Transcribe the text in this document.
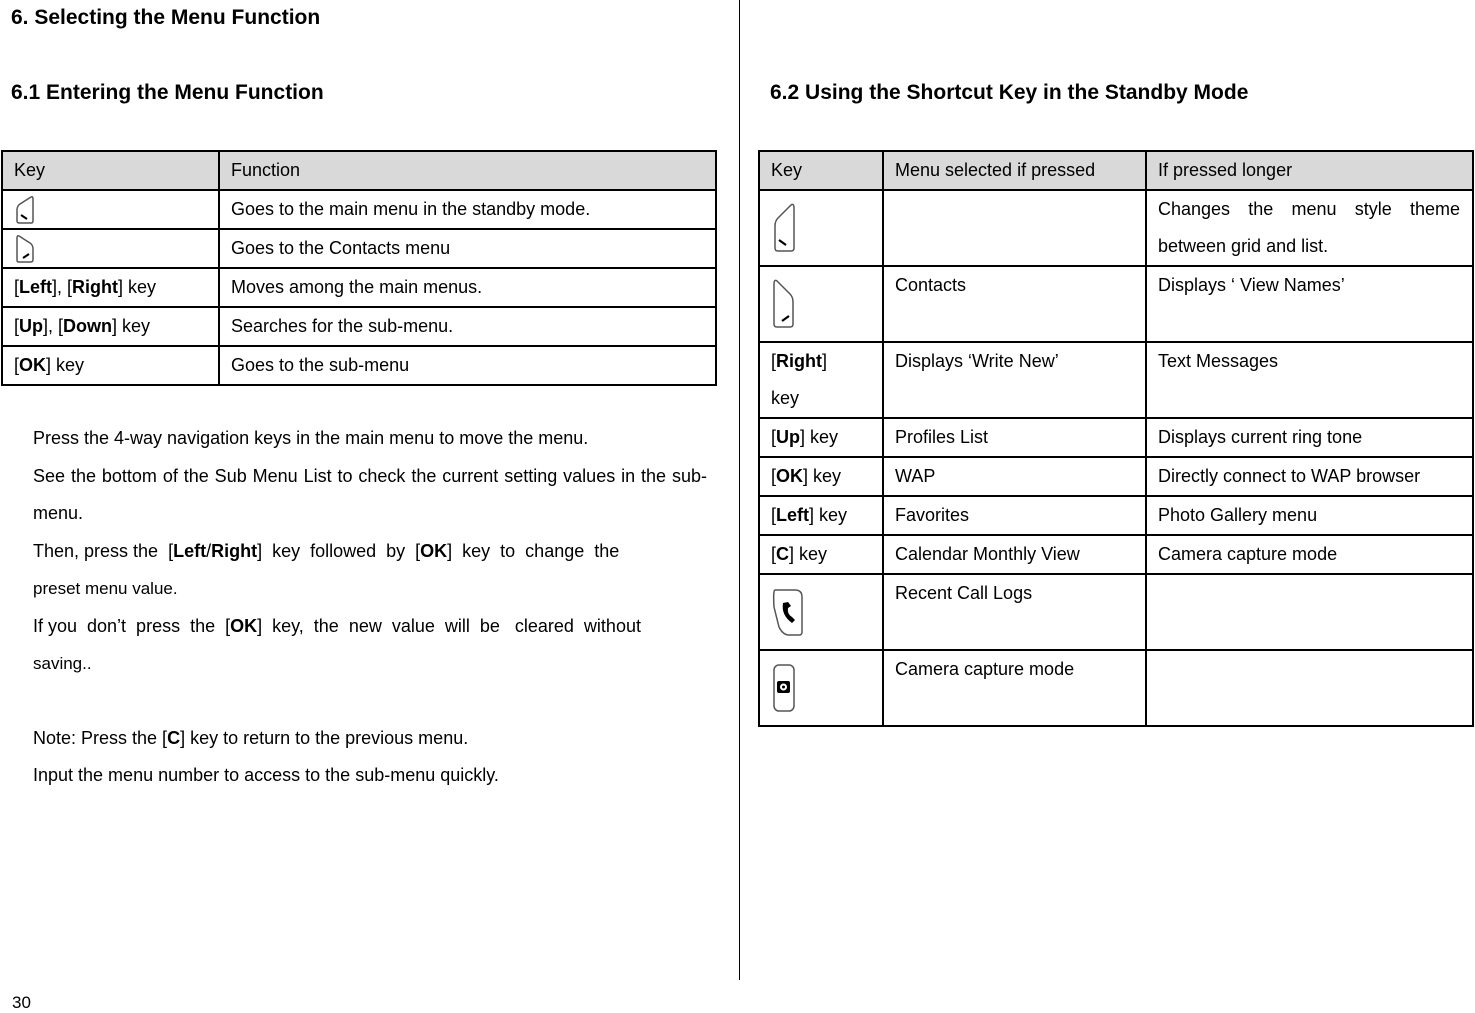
6. Selecting the Menu Function
6.1 Entering the Menu Function	6.2 Using the Shortcut Key in the Standby Mode
Key	Function
	Goes to the main menu in the standby mode.
	Goes to the Contacts menu
[Left], [Right] key	Moves among the main menus.
[Up], [Down] key	Searches for the sub-menu.
[OK] key	Goes to the sub-menu

Press the 4-way navigation keys in the main menu to move the menu.

See the bottom of the Sub Menu List to check the current setting values in the sub-menu.

Then, press the  [Left/Right]  key  followed  by  [OK]  key  to  change  the

preset menu value.

If you  don’t  press  the  [OK]  key,  the  new  value  will  be   cleared  without

saving..

Note: Press the [C] key to return to the previous menu.
Input the menu number to access to the sub-menu quickly.
Key	Menu selected if pressed	If pressed longer
		Changes the menu style theme between grid and list.
	Contacts	Displays ‘ View Names’
[Right]
key	Displays ‘Write New’	Text Messages
[Up] key	Profiles List	Displays current ring tone
[OK] key	WAP	Directly connect to WAP browser
[Left] key	Favorites	Photo Gallery menu
[C] key	Calendar Monthly View	Camera capture mode
	Recent Call Logs	
	Camera capture mode	
30
